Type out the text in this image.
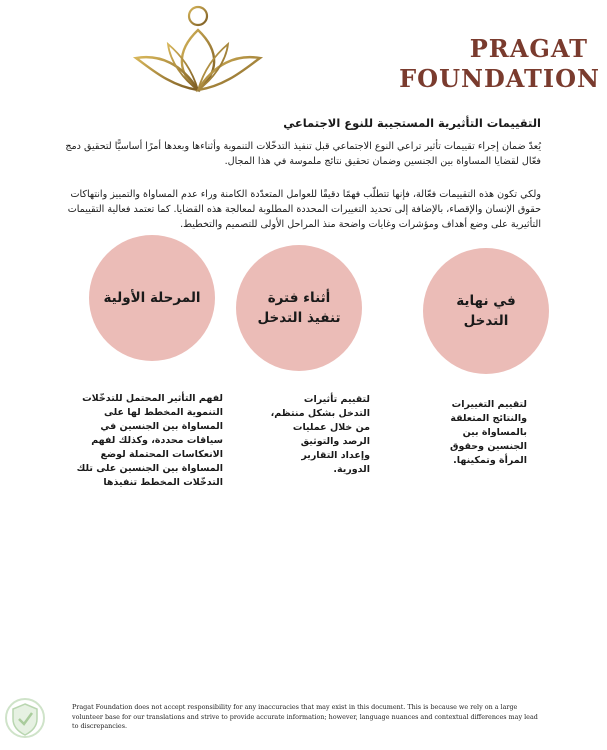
PRAGAT
FOUNDATION
التقييمات التأثيرية المستجيبة للنوع الاجتماعي
يُعدّ ضمان إجراء تقييمات تأثير تراعي النوع الاجتماعي قبل تنفيذ التدخّلات التنموية وأثناءها وبعدها أمرًا أساسيًّا لتحقيق دمج فعّال لقضايا المساواة بين الجنسين وضمان تحقيق نتائج ملموسة في هذا المجال.
ولكي تكون هذه التقييمات فعّالة، فإنها تتطلّب فهمًا دقيقًا للعوامل المتعدّدة الكامنة وراء عدم المساواة والتمييز وانتهاكات حقوق الإنسان والإقصاء، بالإضافة إلى تحديد التغييرات المحددة المطلوبة لمعالجة هذه القضايا. كما تعتمد فعالية التقييمات التأثيرية على وضع أهداف ومؤشرات وغايات واضحة منذ المراحل الأولى للتصميم والتخطيط.
المرحلة الأولية	أثناء فترة تنفيذ التدخل
في نهاية التدخل
لفهم التأثير المحتمل للتدخّلات التنموية المخطط لها على المساواة بين الجنسين في سياقات محددة، وكذلك لفهم الانعكاسات المحتملة لوضع المساواة بين الجنسين على تلك التدخّلات المخطط تنفيذها
لتقييم تأثيرات التدخل بشكل منتظم، من خلال عمليات الرصد والتوثيق وإعداد التقارير الدورية.
لتقييم التغييرات والنتائج المتعلقة بالمساواة بين الجنسين وحقوق المرأة وتمكينها.
Pragat Foundation does not accept responsibility for any inaccuracies that may exist in this document. This is because we rely on a large volunteer base for our translations and strive to provide accurate information; however, language nuances and contextual differences may lead to discrepancies.
